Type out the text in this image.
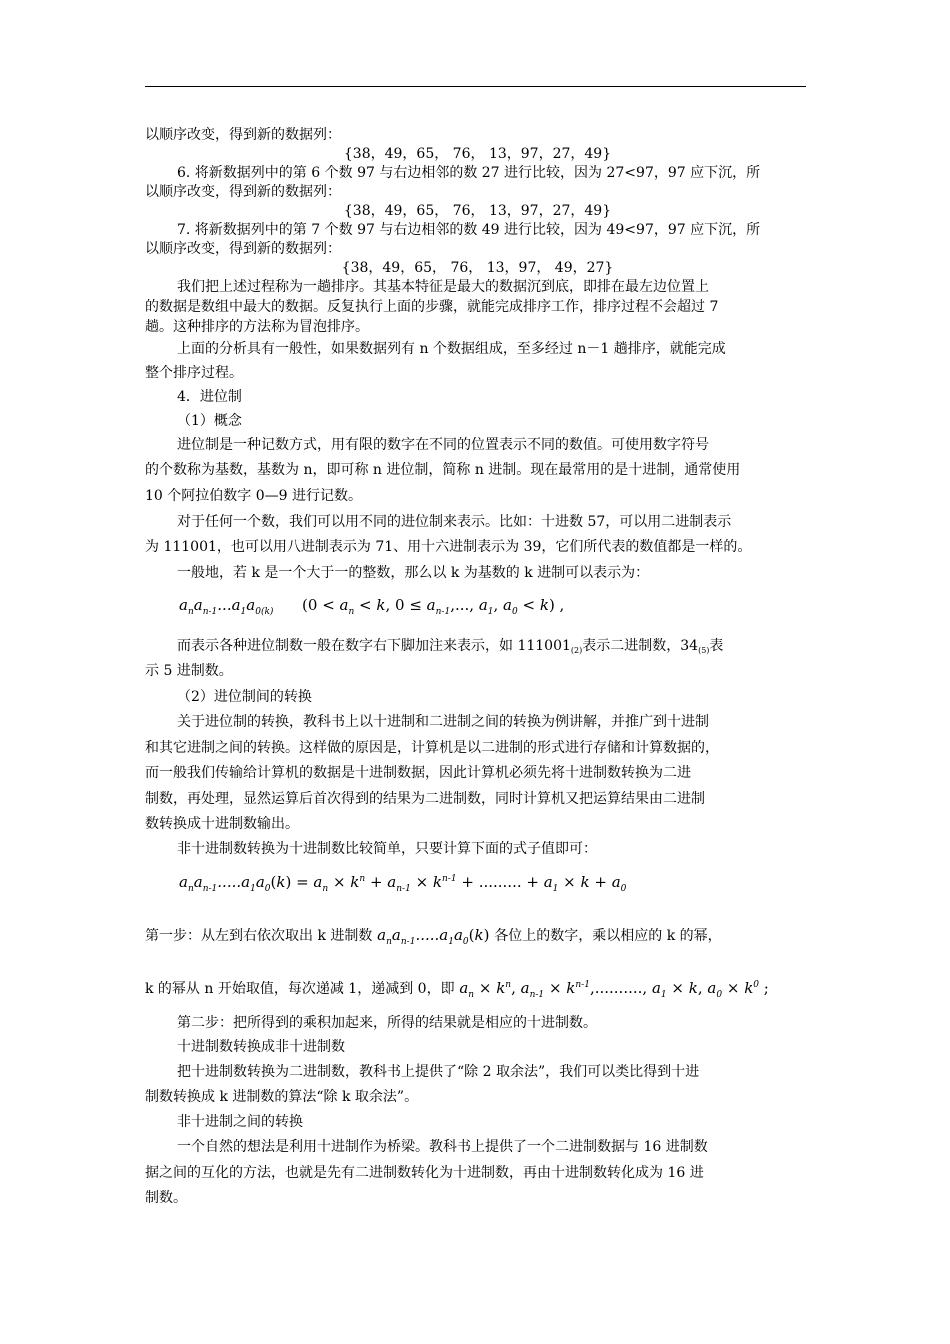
以顺序改变，得到新的数据列：
{38，49，65， 76， 13，97，27，49}
6. 将新数据列中的第 6 个数 97 与右边相邻的数 27 进行比较，因为 27<97，97 应下沉，所
以顺序改变，得到新的数据列：
{38，49，65， 76， 13，97，27，49}
7. 将新数据列中的第 7 个数 97 与右边相邻的数 49 进行比较，因为 49<97，97 应下沉，所
以顺序改变，得到新的数据列：
{38，49，65， 76， 13，97， 49，27}
我们把上述过程称为一趟排序。其基本特征是最大的数据沉到底，即排在最左边位置上
的数据是数组中最大的数据。反复执行上面的步骤，就能完成排序工作，排序过程不会超过 7
趟。这种排序的方法称为冒泡排序。
上面的分析具有一般性，如果数据列有 n 个数据组成，至多经过 n－1 趟排序，就能完成
整个排序过程。
4．进位制
（1）概念
进位制是一种记数方式，用有限的数字在不同的位置表示不同的数值。可使用数字符号
的个数称为基数，基数为 n，即可称 n 进位制，简称 n 进制。现在最常用的是十进制，通常使用
10 个阿拉伯数字 0—9 进行记数。
对于任何一个数，我们可以用不同的进位制来表示。比如：十进数 57，可以用二进制表示
为 111001，也可以用八进制表示为 71、用十六进制表示为 39，它们所代表的数值都是一样的。
一般地，若 k 是一个大于一的整数，那么以 k 为基数的 k 进制可以表示为：
$a_na_{n-1}...a_1a_{0(k)}$ ($0 < a_n < k$, $0 \le a_{n-1}$,..., $a_1$, $a_0 < k$) ,
而表示各种进位制数一般在数字右下脚加注来表示，如 $111001_{(2)}$表示二进制数，$34_{(5)}$表
示 5 进制数。
（2）进位制间的转换
关于进位制的转换，教科书上以十进制和二进制之间的转换为例讲解，并推广到十进制
和其它进制之间的转换。这样做的原因是，计算机是以二进制的形式进行存储和计算数据的，
而一般我们传输给计算机的数据是十进制数据，因此计算机必须先将十进制数转换为二进
制数，再处理，显然运算后首次得到的结果为二进制数，同时计算机又把运算结果由二进制
数转换成十进制数输出。
非十进制数转换为十进制数比较简单，只要计算下面的式子值即可：
$a_na_{n-1}.....a_1a_0(k) = a_n \times k^n + a_{n-1} \times k^{n-1}$ + ......... + $a_1 \times k + a_0$
第一步：从左到右依次取出 k 进制数 $a_na_{n-1}.....a_1a_0(k)$ 各位上的数字，乘以相应的 k 的幂，
k 的幂从 n 开始取值，每次递减 1，递减到 0，即 $a_n \times k^n$, $a_{n-1} \times k^{n-1}$,.........., $a_1 \times k$, $a_0 \times k^0$ ;
第二步：把所得到的乘积加起来，所得的结果就是相应的十进制数。
十进制数转换成非十进制数
把十进制数转换为二进制数，教科书上提供了“除 2 取余法”，我们可以类比得到十进
制数转换成 k 进制数的算法“除 k 取余法”。
非十进制之间的转换
一个自然的想法是利用十进制作为桥梁。教科书上提供了一个二进制数据与 16 进制数
据之间的互化的方法，也就是先有二进制数转化为十进制数，再由十进制数转化成为 16 进
制数。
